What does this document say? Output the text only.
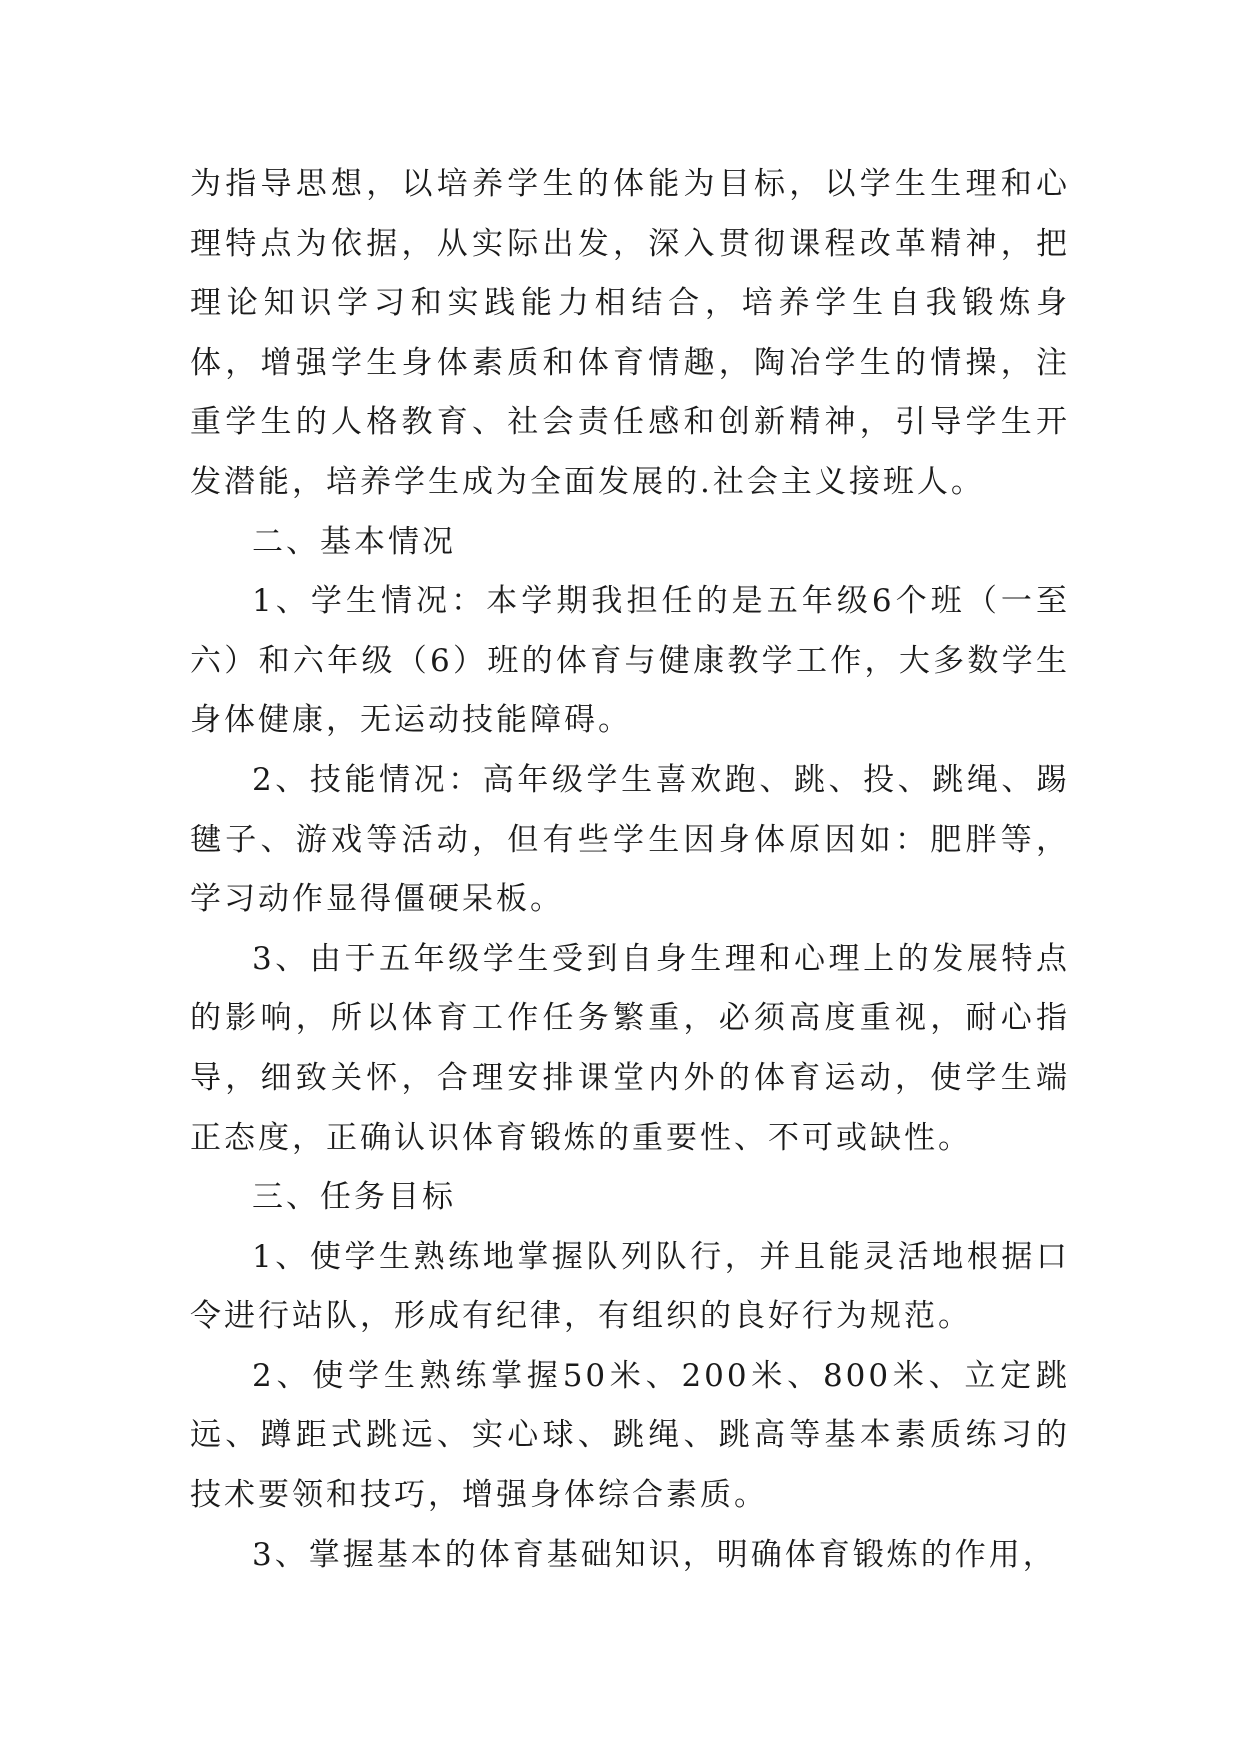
为指导思想，以培养学生的体能为目标，以学生生理和心理特点为依据，从实际出发，深入贯彻课程改革精神，把理论知识学习和实践能力相结合，培养学生自我锻炼身体，增强学生身体素质和体育情趣，陶冶学生的情操，注重学生的人格教育、社会责任感和创新精神，引导学生开发潜能，培养学生成为全面发展的.社会主义接班人。

二、基本情况

1、学生情况：本学期我担任的是五年级6个班（一至六）和六年级（6）班的体育与健康教学工作，大多数学生身体健康，无运动技能障碍。

2、技能情况：高年级学生喜欢跑、跳、投、跳绳、踢毽子、游戏等活动，但有些学生因身体原因如：肥胖等，学习动作显得僵硬呆板。

3、由于五年级学生受到自身生理和心理上的发展特点的影响，所以体育工作任务繁重，必须高度重视，耐心指导，细致关怀，合理安排课堂内外的体育运动，使学生端正态度，正确认识体育锻炼的重要性、不可或缺性。

三、任务目标

1、使学生熟练地掌握队列队行，并且能灵活地根据口令进行站队，形成有纪律，有组织的良好行为规范。

2、使学生熟练掌握50米、200米、800米、立定跳远、蹲距式跳远、实心球、跳绳、跳高等基本素质练习的技术要领和技巧，增强身体综合素质。

3、掌握基本的体育基础知识，明确体育锻炼的作用，
